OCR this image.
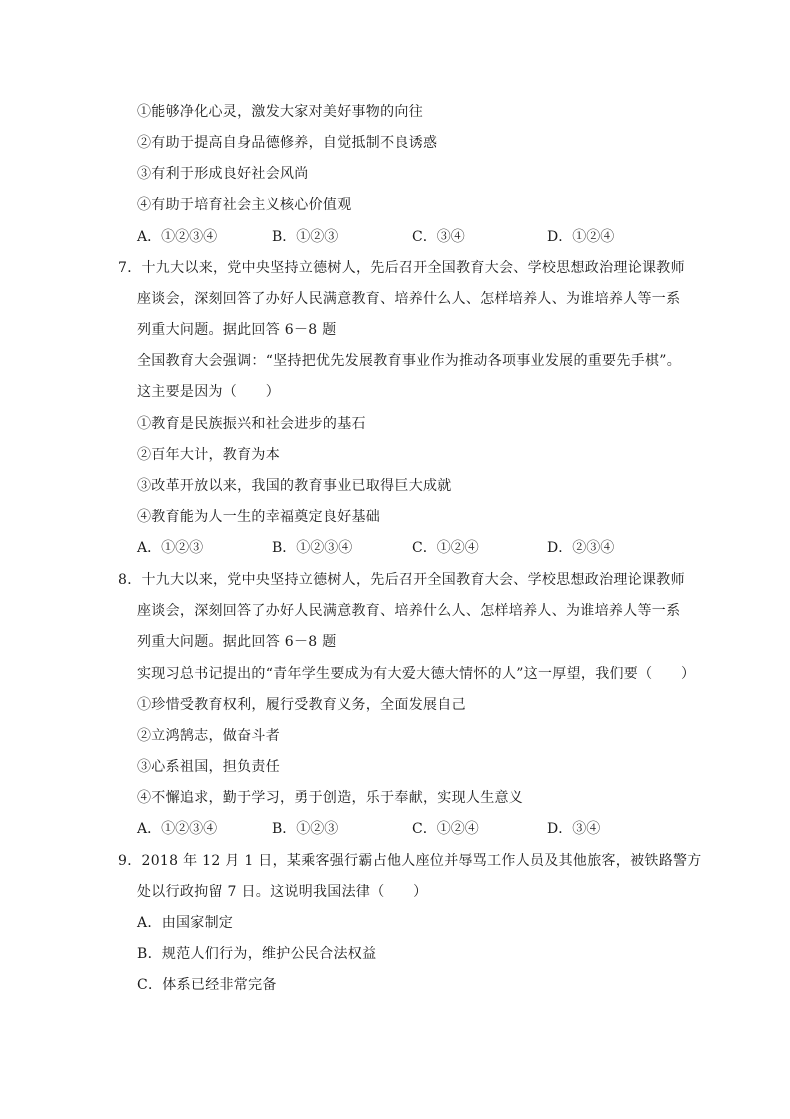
①能够净化心灵，激发大家对美好事物的向往
②有助于提高自身品德修养，自觉抵制不良诱惑
③有利于形成良好社会风尚
④有助于培育社会主义核心价值观
A．①②③④	B．①②③	C．③④	D．①②④
7．十九大以来，党中央坚持立德树人，先后召开全国教育大会、学校思想政治理论课教师
座谈会，深刻回答了办好人民满意教育、培养什么人、怎样培养人、为谁培养人等一系
列重大问题。据此回答 6－8 题
全国教育大会强调：“坚持把优先发展教育事业作为推动各项事业发展的重要先手棋”。
这主要是因为（　　）
①教育是民族振兴和社会进步的基石
②百年大计，教育为本
③改革开放以来，我国的教育事业已取得巨大成就
④教育能为人一生的幸福奠定良好基础
A．①②③	B．①②③④	C．①②④	D．②③④
8．十九大以来，党中央坚持立德树人，先后召开全国教育大会、学校思想政治理论课教师
座谈会，深刻回答了办好人民满意教育、培养什么人、怎样培养人、为谁培养人等一系
列重大问题。据此回答 6－8 题
实现习总书记提出的“青年学生要成为有大爱大德大情怀的人”这一厚望，我们要（　　）
①珍惜受教育权利，履行受教育义务，全面发展自己
②立鸿鹄志，做奋斗者
③心系祖国，担负责任
④不懈追求，勤于学习，勇于创造，乐于奉献，实现人生意义
A．①②③④	B．①②③	C．①②④	D．③④
9．2018 年 12 月 1 日，某乘客强行霸占他人座位并辱骂工作人员及其他旅客，被铁路警方
处以行政拘留 7 日。这说明我国法律（　　）
A．由国家制定
B．规范人们行为，维护公民合法权益
C．体系已经非常完备
